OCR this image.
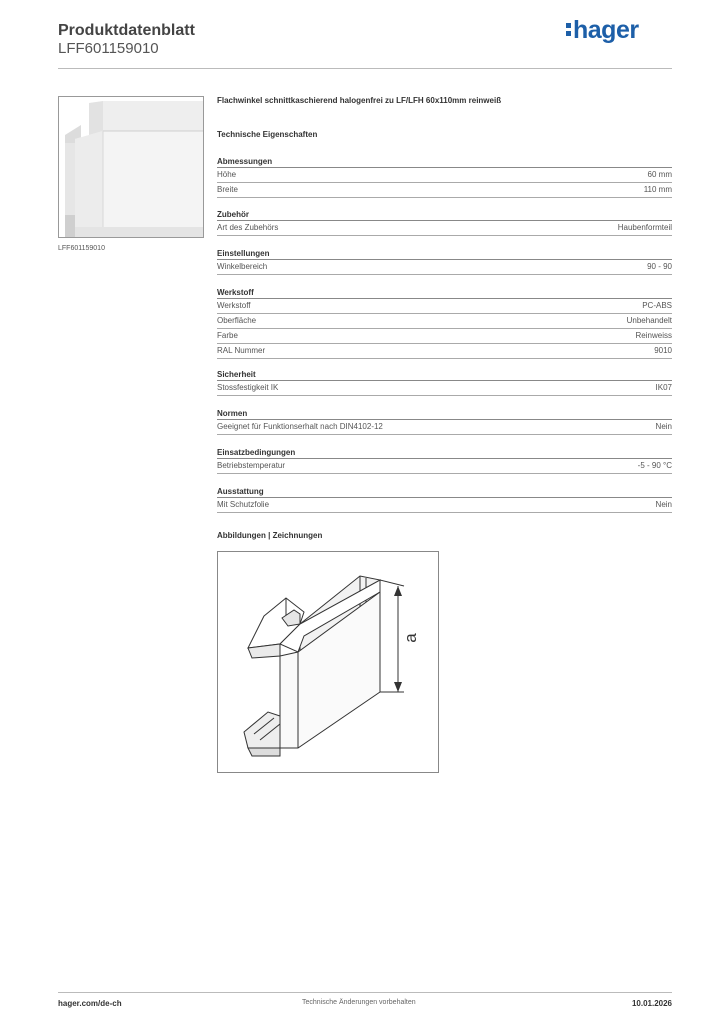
Produktdatenblatt
LFF601159010
hager
LFF601159010
Flachwinkel schnittkaschierend halogenfrei zu LF/LFH 60x110mm reinweiß
Technische Eigenschaften
Abmessungen
Höhe	60 mm
Breite	110 mm
Zubehör
Art des Zubehörs	Haubenformteil
Einstellungen
Winkelbereich	90 - 90
Werkstoff
Werkstoff	PC-ABS
Oberfläche	Unbehandelt
Farbe	Reinweiss
RAL Nummer	9010
Sicherheit
Stossfestigkeit IK	IK07
Normen
Geeignet für Funktionserhalt nach DIN4102-12	Nein
Einsatzbedingungen
Betriebstemperatur	-5 - 90 °C
Ausstattung
Mit Schutzfolie	Nein
Abbildungen | Zeichnungen
a
hager.com/de-ch	Technische Änderungen vorbehalten	10.01.2026
